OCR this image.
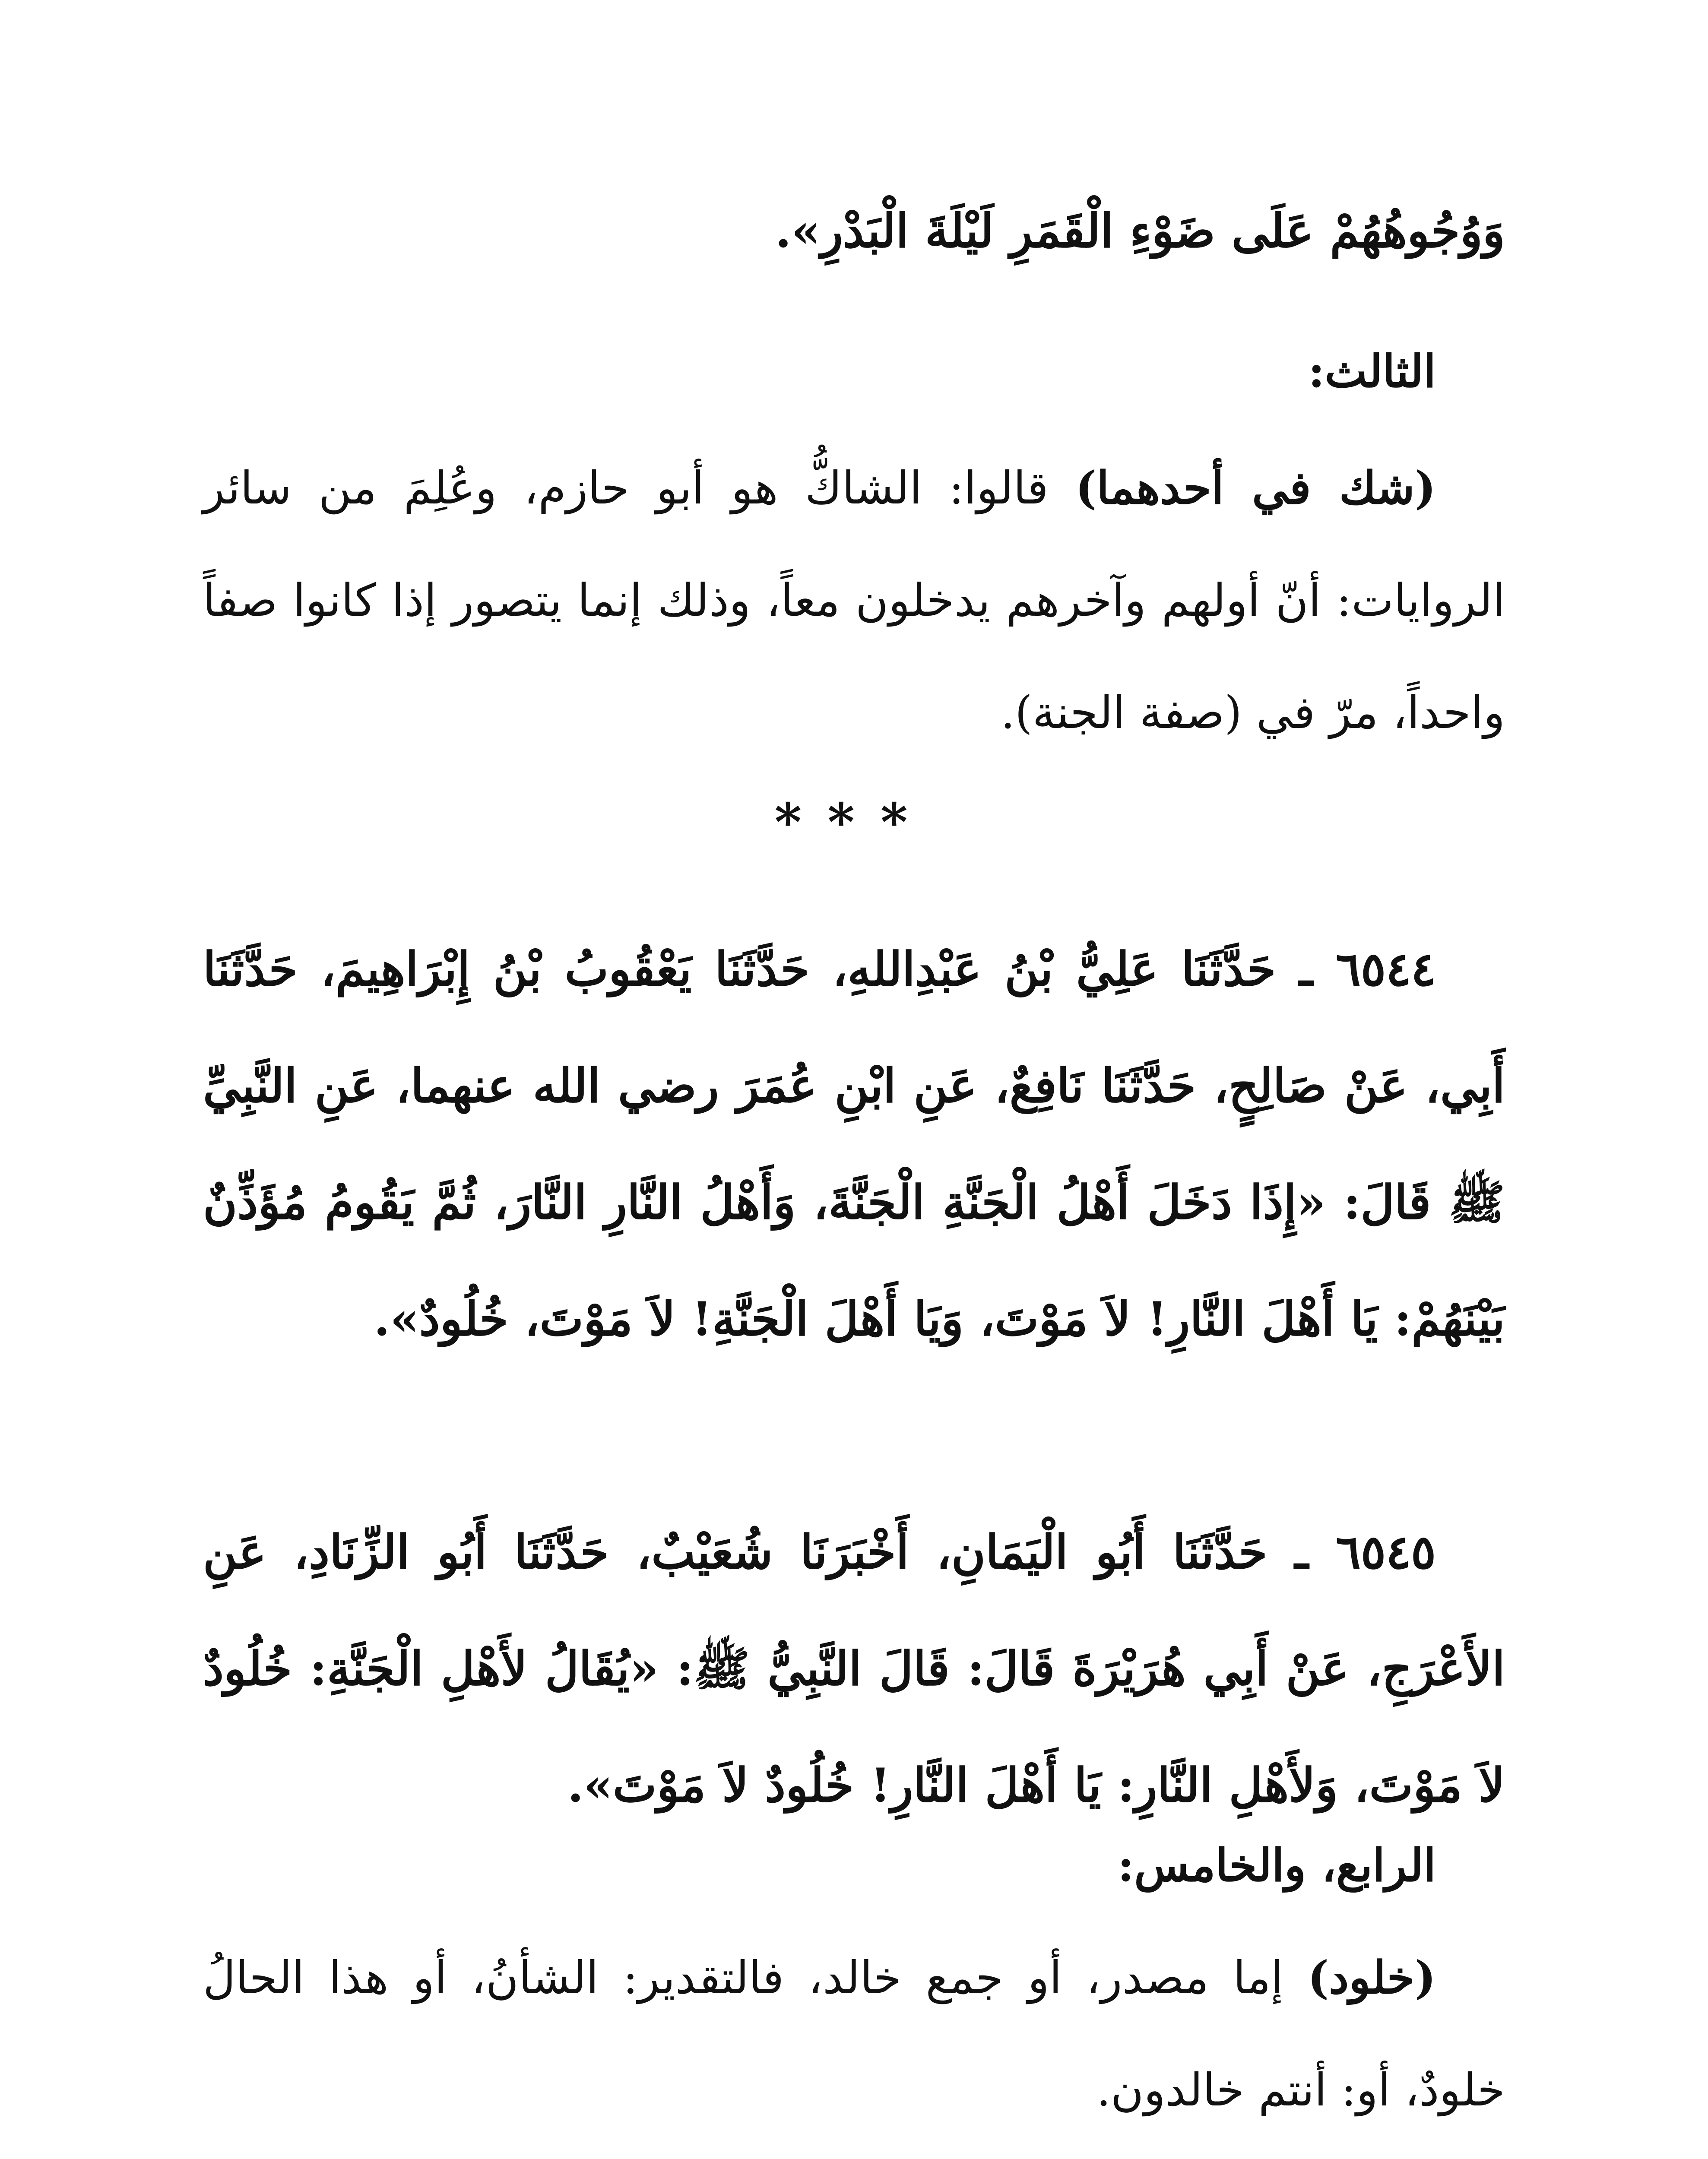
وَوُجُوهُهُمْ عَلَى ضَوْءِ الْقَمَرِ لَيْلَةَ الْبَدْرِ».

الثالث:

(شك في أحدهما) قالوا: الشاكُّ هو أبو حازم، وعُلِمَ من سائر الروايات: أنّ أولهم وآخرهم يدخلون معاً، وذلك إنما يتصور إذا كانوا صفاً واحداً، مرّ في (صفة الجنة).

***

٦٥٤٤ ـ حَدَّثَنَا عَلِيُّ بْنُ عَبْدِاللهِ، حَدَّثَنَا يَعْقُوبُ بْنُ إِبْرَاهِيمَ، حَدَّثَنَا أَبِي، عَنْ صَالِحٍ، حَدَّثَنَا نَافِعٌ، عَنِ ابْنِ عُمَرَ رضي الله عنهما، عَنِ النَّبِيِّ ﷺ قَالَ: «إِذَا دَخَلَ أَهْلُ الْجَنَّةِ الْجَنَّةَ، وَأَهْلُ النَّارِ النَّارَ، ثُمَّ يَقُومُ مُؤَذِّنٌ بَيْنَهُمْ: يَا أَهْلَ النَّارِ! لاَ مَوْتَ، وَيَا أَهْلَ الْجَنَّةِ! لاَ مَوْتَ، خُلُودٌ».

٦٥٤٥ ـ حَدَّثَنَا أَبُو الْيَمَانِ، أَخْبَرَنَا شُعَيْبٌ، حَدَّثَنَا أَبُو الزِّنَادِ، عَنِ الأَعْرَجِ، عَنْ أَبِي هُرَيْرَةَ قَالَ: قَالَ النَّبِيُّ ﷺ: «يُقَالُ لأَهْلِ الْجَنَّةِ: خُلُودٌ لاَ مَوْتَ، وَلأَهْلِ النَّارِ: يَا أَهْلَ النَّارِ! خُلُودٌ لاَ مَوْتَ».

الرابع، والخامس:

(خلود) إما مصدر، أو جمع خالد، فالتقدير: الشأنُ، أو هذا الحالُ خلودٌ، أو: أنتم خالدون.
